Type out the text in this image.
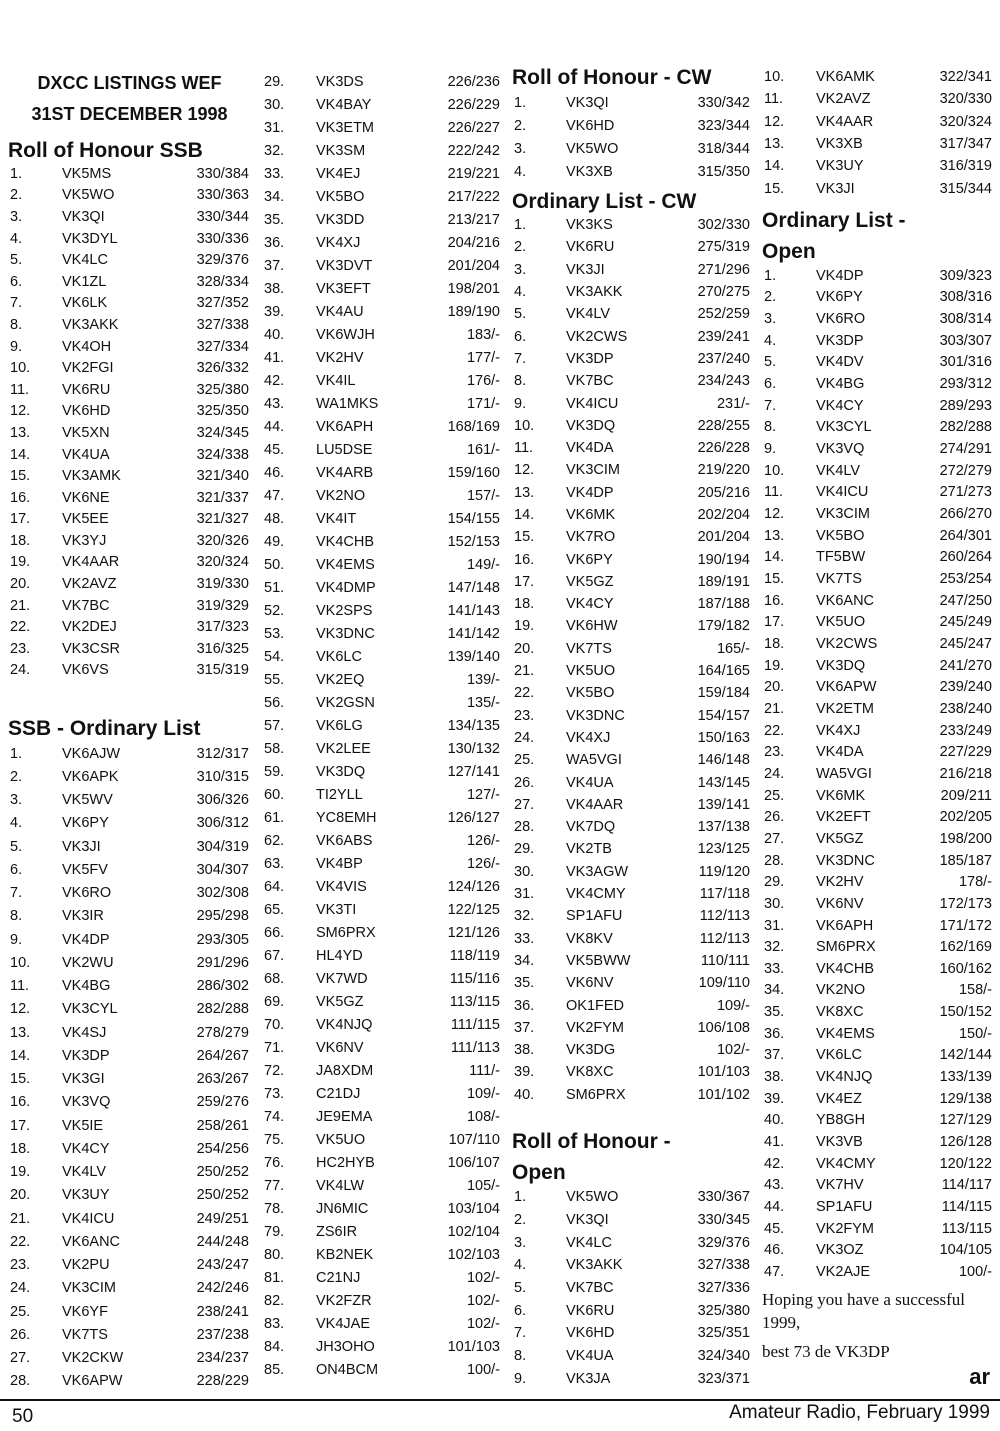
DXCC LISTINGS WEF

31ST DECEMBER 1998

Roll of Honour SSB

1.	VK5MS	330/384
2.	VK5WO	330/363
3.	VK3QI	330/344
4.	VK3DYL	330/336
5.	VK4LC	329/376
6.	VK1ZL	328/334
7.	VK6LK	327/352
8.	VK3AKK	327/338
9.	VK4OH	327/334
10. VK2FGI	326/332
11. VK6RU	325/380
12. VK6HD	325/350
13. VK5XN	324/345
14. VK4UA	324/338
15. VK3AMK	321/340
16. VK6NE	321/337
17. VK5EE	321/327
18. VK3YJ	320/326
19. VK4AAR	320/324
20. VK2AVZ	319/330
21. VK7BC	319/329
22. VK2DEJ	317/323
23. VK3CSR	316/325
24. VK6VS	315/319

SSB - Ordinary List

1.	VK6AJW	312/317
2.	VK6APK	310/315
3.	VK5WV	306/326
4.	VK6PY	306/312
5.	VK3JI	304/319
6.	VK5FV	304/307
7.	VK6RO	302/308
8.	VK3IR	295/298
9.	VK4DP	293/305
10. VK2WU	291/296
11. VK4BG	286/302
12. VK3CYL	282/288
13. VK4SJ	278/279
14. VK3DP	264/267
15. VK3GI	263/267
16. VK3VQ	259/276
17. VK5IE	258/261
18. VK4CY	254/256
19. VK4LV	250/252
20. VK3UY	250/252
21. VK4ICU	249/251
22. VK6ANC	244/248
23. VK2PU	243/247
24. VK3CIM	242/246
25. VK6YF	238/241
26. VK7TS	237/238
27. VK2CKW	234/237
28. VK6APW	228/229
29. VK3DS	226/236
30. VK4BAY	226/229
31. VK3ETM	226/227
32. VK3SM	222/242
33. VK4EJ	219/221
34. VK5BO	217/222
35. VK3DD	213/217
36. VK4XJ	204/216
37. VK3DVT	201/204
38. VK3EFT	198/201
39. VK4AU	189/190
40. VK6WJH	183/-
41. VK2HV	177/-
42. VK4IL	176/-
43. WA1MKS	171/-
44. VK6APH	168/169
45. LU5DSE	161/-
46. VK4ARB	159/160
47. VK2NO	157/-
48. VK4IT	154/155
49. VK4CHB	152/153
50. VK4EMS	149/-
51. VK4DMP	147/148
52. VK2SPS	141/143
53. VK3DNC	141/142
54. VK6LC	139/140
55. VK2EQ	139/-
56. VK2GSN	135/-
57. VK6LG	134/135
58. VK2LEE	130/132
59. VK3DQ	127/141
60. TI2YLL	127/-
61. YC8EMH	126/127
62. VK6ABS	126/-
63. VK4BP	126/-
64. VK4VIS	124/126
65. VK3TI	122/125
66. SM6PRX	121/126
67. HL4YD	118/119
68. VK7WD	115/116
69. VK5GZ	113/115
70. VK4NJQ	111/115
71. VK6NV	111/113
72. JA8XDM	111/-
73. C21DJ	109/-
74. JE9EMA	108/-
75. VK5UO	107/110
76. HC2HYB	106/107
77. VK4LW	105/-
78. JN6MIC	103/104
79. ZS6IR	102/104
80. KB2NEK	102/103
81. C21NJ	102/-
82. VK2FZR	102/-
83. VK4JAE	102/-
84. JH3OHO	101/103
85. ON4BCM	100/-

Roll of Honour - CW

1.	VK3QI	330/342
2.	VK6HD	323/344
3.	VK5WO	318/344
4.	VK3XB	315/350

Ordinary List - CW

1.	VK3KS	302/330
2.	VK6RU	275/319
3.	VK3JI	271/296
4.	VK3AKK	270/275
5.	VK4LV	252/259
6.	VK2CWS	239/241
7.	VK3DP	237/240
8.	VK7BC	234/243
9.	VK4ICU	231/-
10. VK3DQ	228/255
11. VK4DA	226/228
12. VK3CIM	219/220
13. VK4DP	205/216
14. VK6MK	202/204
15. VK7RO	201/204
16. VK6PY	190/194
17. VK5GZ	189/191
18. VK4CY	187/188
19. VK6HW	179/182
20. VK7TS	165/-
21. VK5UO	164/165
22. VK5BO	159/184
23. VK3DNC	154/157
24. VK4XJ	150/163
25. WA5VGI	146/148
26. VK4UA	143/145
27. VK4AAR	139/141
28. VK7DQ	137/138
29. VK2TB	123/125
30. VK3AGW	119/120
31. VK4CMY	117/118
32. SP1AFU	112/113
33. VK8KV	112/113
34. VK5BWW	110/111
35. VK6NV	109/110
36. OK1FED	109/-
37. VK2FYM	106/108
38. VK3DG	102/-
39. VK8XC	101/103
40. SM6PRX	101/102

Roll of Honour -

Open

1.	VK5WO	330/367
2.	VK3QI	330/345
3.	VK4LC	329/376
4.	VK3AKK	327/338
5.	VK7BC	327/336
6.	VK6RU	325/380
7.	VK6HD	325/351
8.	VK4UA	324/340
9.	VK3JA	323/371
10. VK6AMK	322/341
11. VK2AVZ	320/330
12. VK4AAR	320/324
13. VK3XB	317/347
14. VK3UY	316/319
15. VK3JI	315/344

Ordinary List -

Open

1.	VK4DP	309/323
2.	VK6PY	308/316
3.	VK6RO	308/314
4.	VK3DP	303/307
5.	VK4DV	301/316
6.	VK4BG	293/312
7.	VK4CY	289/293
8.	VK3CYL	282/288
9.	VK3VQ	274/291
10. VK4LV	272/279
11. VK4ICU	271/273
12. VK3CIM	266/270
13. VK5BO	264/301
14. TF5BW	260/264
15. VK7TS	253/254
16. VK6ANC	247/250
17. VK5UO	245/249
18. VK2CWS	245/247
19. VK3DQ	241/270
20. VK6APW	239/240
21. VK2ETM	238/240
22. VK4XJ	233/249
23. VK4DA	227/229
24. WA5VGI	216/218
25. VK6MK	209/211
26. VK2EFT	202/205
27. VK5GZ	198/200
28. VK3DNC	185/187
29. VK2HV	178/-
30. VK6NV	172/173
31. VK6APH	171/172
32. SM6PRX	162/169
33. VK4CHB	160/162
34. VK2NO	158/-
35. VK8XC	150/152
36. VK4EMS	150/-
37. VK6LC	142/144
38. VK4NJQ	133/139
39. VK4EZ	129/138
40. YB8GH	127/129
41. VK3VB	126/128
42. VK4CMY	120/122
43. VK7HV	114/117
44. SP1AFU	114/115
45. VK2FYM	113/115
46. VK3OZ	104/105
47. VK2AJE	100/-

Hoping you have a successful 1999,

best 73 de VK3DP

ar
50	Amateur Radio, February 1999
